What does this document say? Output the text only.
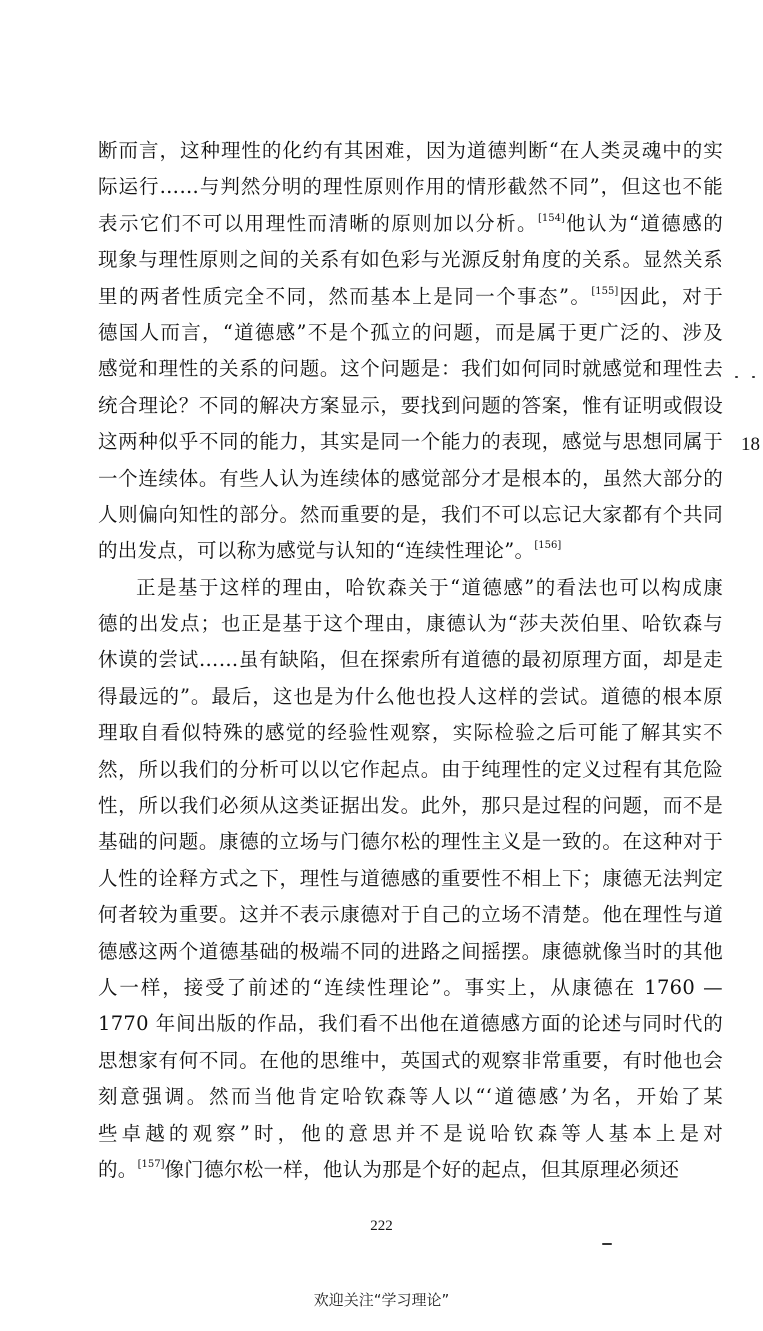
断而言，这种理性的化约有其困难，因为道德判断“在人类灵魂中的实
际运行……与判然分明的理性原则作用的情形截然不同”，但这也不能
表示它们不可以用理性而清晰的原则加以分析。[154]他认为“道德感的
现象与理性原则之间的关系有如色彩与光源反射角度的关系。显然关系
里的两者性质完全不同，然而基本上是同一个事态”。[155]因此，对于
德国人而言，“道德感”不是个孤立的问题，而是属于更广泛的、涉及
感觉和理性的关系的问题。这个问题是：我们如何同时就感觉和理性去
统合理论？不同的解决方案显示，要找到问题的答案，惟有证明或假设
这两种似乎不同的能力，其实是同一个能力的表现，感觉与思想同属于
一个连续体。有些人认为连续体的感觉部分才是根本的，虽然大部分的
人则偏向知性的部分。然而重要的是，我们不可以忘记大家都有个共同
的出发点，可以称为感觉与认知的“连续性理论”。[156]
正是基于这样的理由，哈钦森关于“道德感”的看法也可以构成康
德的出发点；也正是基于这个理由，康德认为“莎夫茨伯里、哈钦森与
休谟的尝试……虽有缺陷，但在探索所有道德的最初原理方面，却是走
得最远的”。最后，这也是为什么他也投人这样的尝试。道德的根本原
理取自看似特殊的感觉的经验性观察，实际检验之后可能了解其实不
然，所以我们的分析可以以它作起点。由于纯理性的定义过程有其危险
性，所以我们必须从这类证据出发。此外，那只是过程的问题，而不是
基础的问题。康德的立场与门德尔松的理性主义是一致的。在这种对于
人性的诠释方式之下，理性与道德感的重要性不相上下；康德无法判定
何者较为重要。这并不表示康德对于自己的立场不清楚。他在理性与道
德感这两个道德基础的极端不同的进路之间摇摆。康德就像当时的其他
人一样，接受了前述的“连续性理论”。事实上，从康德在 1760 —
1770 年间出版的作品，我们看不出他在道德感方面的论述与同时代的
思想家有何不同。在他的思维中，英国式的观察非常重要，有时他也会
刻意强调。然而当他肯定哈钦森等人以“‘道德感’为名，开始了某
些卓越的观察”时，他的意思并不是说哈钦森等人基本上是对
的。[157]像门德尔松一样，他认为那是个好的起点，但其原理必须还
18
222
欢迎关注“学习理论”
